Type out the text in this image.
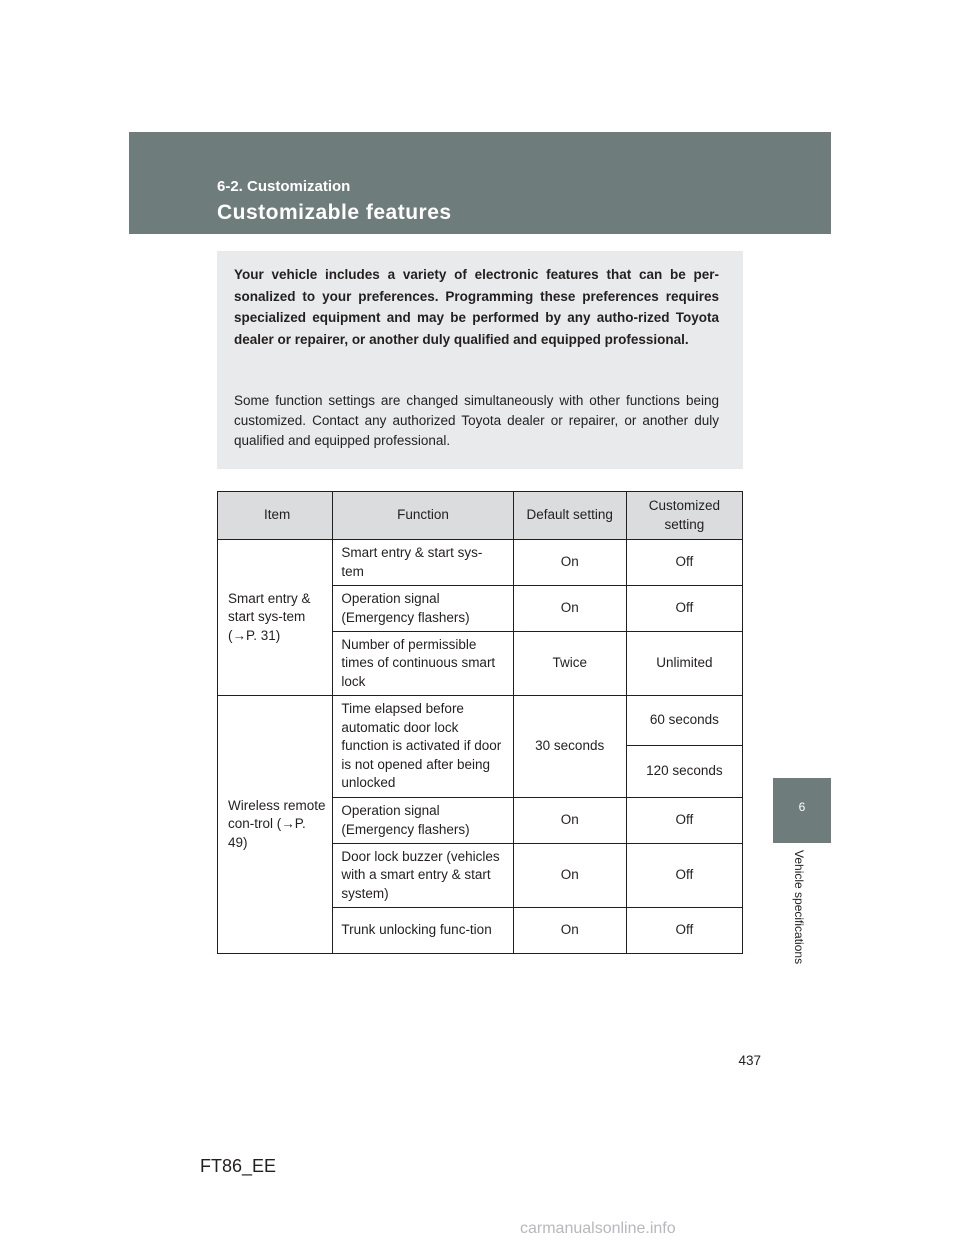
6-2. Customization
Customizable features
6
Vehicle specifications
Your vehicle includes a variety of electronic features that can be per-sonalized to your preferences. Programming these preferences requires specialized equipment and may be performed by any autho-rized Toyota dealer or repairer, or another duly qualified and equipped professional.
Some function settings are changed simultaneously with other functions being customized. Contact any authorized Toyota dealer or repairer, or another duly qualified and equipped professional.
Item	Function	Default setting	Customized setting
Smart entry & start sys-tem (→P. 31)	Smart entry & start sys-tem	On	Off
	Operation signal (Emergency flashers)	On	Off
	Number of permissible times of continuous smart lock	Twice	Unlimited
Wireless remote con-trol (→P. 49)	Time elapsed before automatic door lock function is activated if door is not opened after being unlocked	30 seconds	60 seconds
			120 seconds
	Operation signal (Emergency flashers)	On	Off
	Door lock buzzer (vehicles with a smart entry & start system)	On	Off
	Trunk unlocking func-tion	On	Off
437
FT86_EE
carmanualsonline.info
